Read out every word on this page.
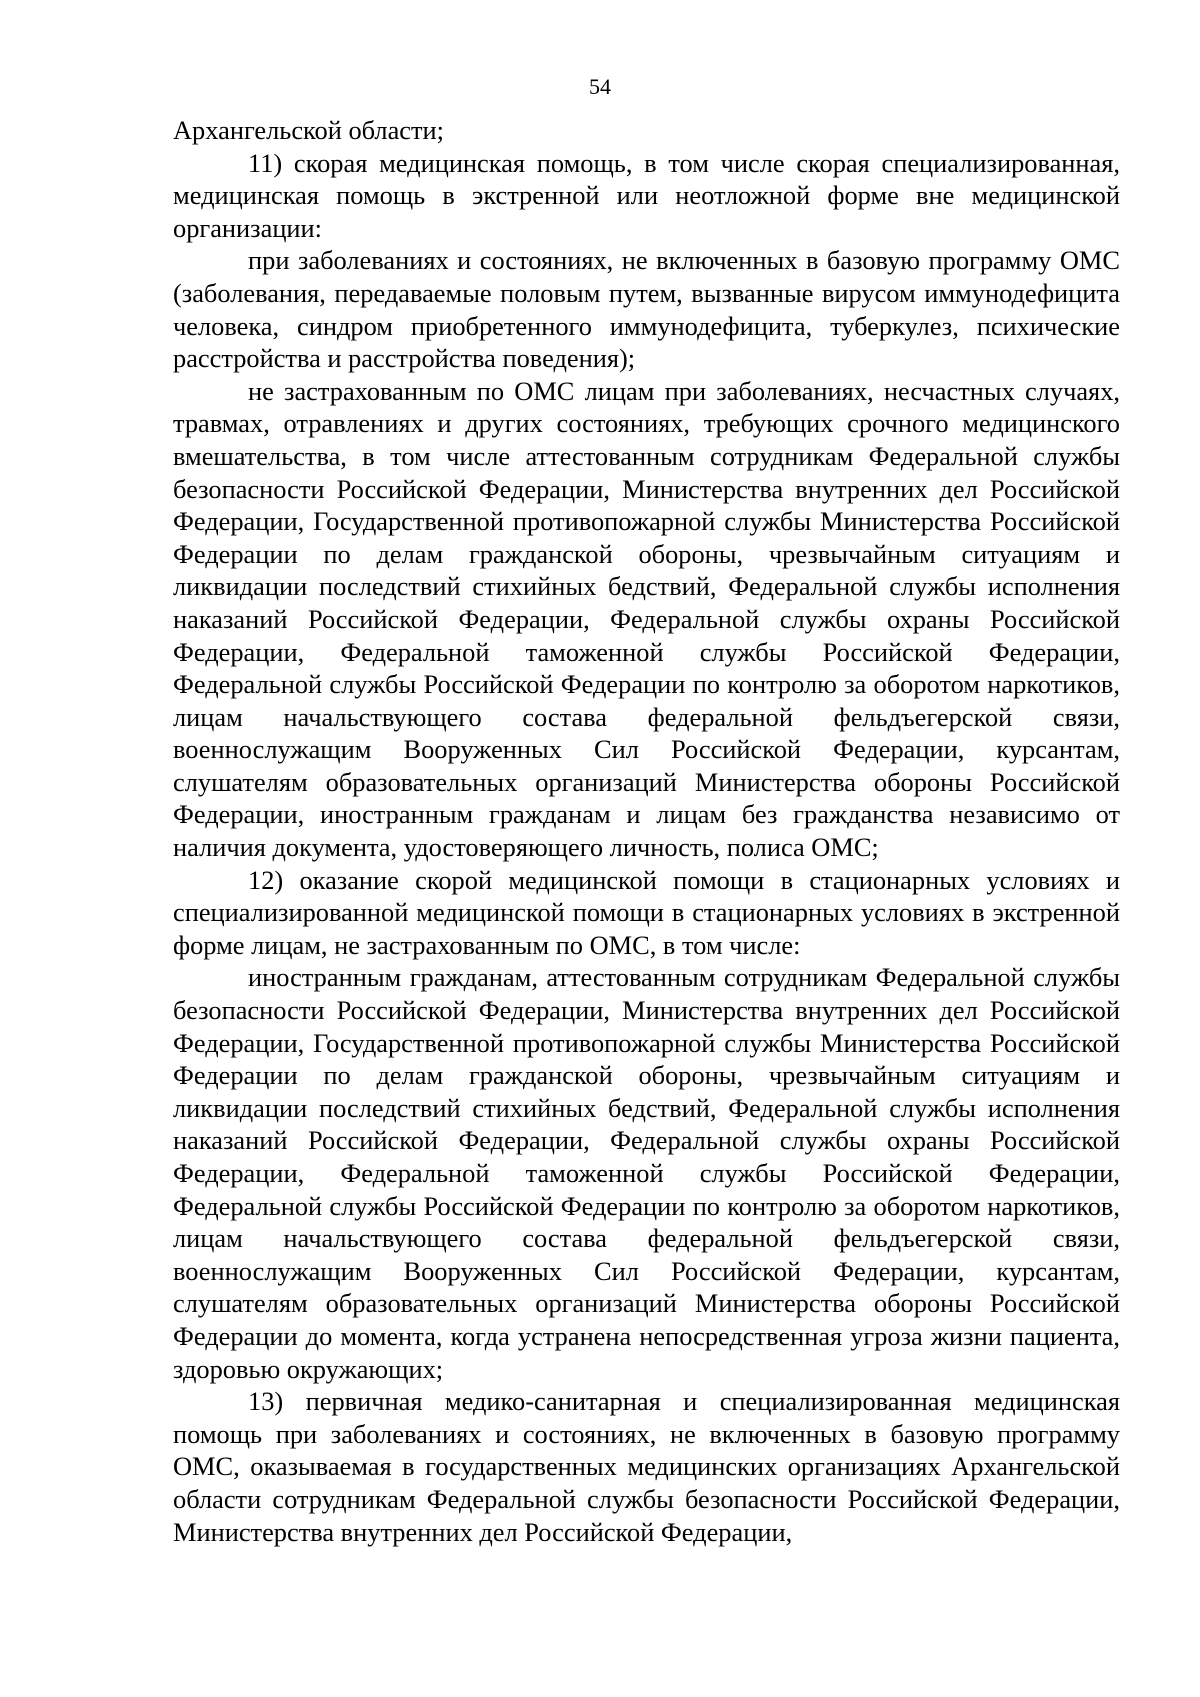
54

Архангельской области;

11) скорая медицинская помощь, в том числе скорая специализированная, медицинская помощь в экстренной или неотложной форме вне медицинской организации:

при заболеваниях и состояниях, не включенных в базовую программу ОМС (заболевания, передаваемые половым путем, вызванные вирусом иммунодефицита человека, синдром приобретенного иммунодефицита, туберкулез, психические расстройства и расстройства поведения);

не застрахованным по ОМС лицам при заболеваниях, несчастных случаях, травмах, отравлениях и других состояниях, требующих срочного медицинского вмешательства, в том числе аттестованным сотрудникам Федеральной службы безопасности Российской Федерации, Министерства внутренних дел Российской Федерации, Государственной противопожарной службы Министерства Российской Федерации по делам гражданской обороны, чрезвычайным ситуациям и ликвидации последствий стихийных бедствий, Федеральной службы исполнения наказаний Российской Федерации, Федеральной службы охраны Российской Федерации, Федеральной таможенной службы Российской Федерации, Федеральной службы Российской Федерации по контролю за оборотом наркотиков, лицам начальствующего состава федеральной фельдъегерской связи, военнослужащим Вооруженных Сил Российской Федерации, курсантам, слушателям образовательных организаций Министерства обороны Российской Федерации, иностранным гражданам и лицам без гражданства независимо от наличия документа, удостоверяющего личность, полиса ОМС;

12) оказание скорой медицинской помощи в стационарных условиях и специализированной медицинской помощи в стационарных условиях в экстренной форме лицам, не застрахованным по ОМС, в том числе:

иностранным гражданам, аттестованным сотрудникам Федеральной службы безопасности Российской Федерации, Министерства внутренних дел Российской Федерации, Государственной противопожарной службы Министерства Российской Федерации по делам гражданской обороны, чрезвычайным ситуациям и ликвидации последствий стихийных бедствий, Федеральной службы исполнения наказаний Российской Федерации, Федеральной службы охраны Российской Федерации, Федеральной таможенной службы Российской Федерации, Федеральной службы Российской Федерации по контролю за оборотом наркотиков, лицам начальствующего состава федеральной фельдъегерской связи, военнослужащим Вооруженных Сил Российской Федерации, курсантам, слушателям образовательных организаций Министерства обороны Российской Федерации до момента, когда устранена непосредственная угроза жизни пациента, здоровью окружающих;

13) первичная медико-санитарная и специализированная медицинская помощь при заболеваниях и состояниях, не включенных в базовую программу ОМС, оказываемая в государственных медицинских организациях Архангельской области сотрудникам Федеральной службы безопасности Российской Федерации, Министерства внутренних дел Российской Федерации,
